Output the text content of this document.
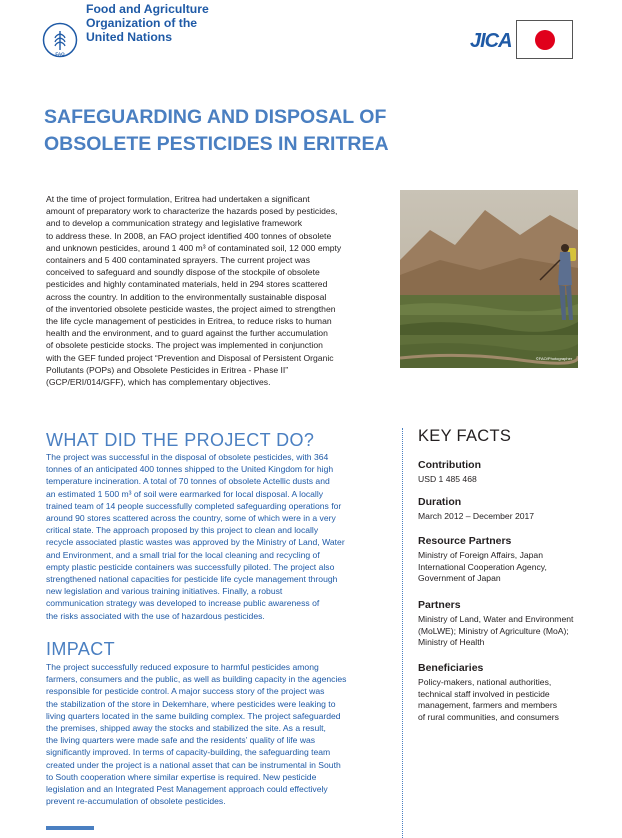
FAO
Food and Agriculture
Organization of the
United Nations	JICA
SAFEGUARDING AND DISPOSAL OF
OBSOLETE PESTICIDES IN ERITREA
At the time of project formulation, Eritrea had undertaken a significant
amount of preparatory work to characterize the hazards posed by pesticides,
and to develop a communication strategy and legislative framework
to address these. In 2008, an FAO project identified 400 tonnes of obsolete
and unknown pesticides, around 1 400 m³ of contaminated soil, 12 000 empty
containers and 5 400 contaminated sprayers. The current project was
conceived to safeguard and soundly dispose of the stockpile of obsolete
pesticides and highly contaminated materials, held in 294 stores scattered
across the country. In addition to the environmentally sustainable disposal
of the inventoried obsolete pesticide wastes, the project aimed to strengthen
the life cycle management of pesticides in Eritrea, to reduce risks to human
health and the environment, and to guard against the further accumulation
of obsolete pesticide stocks. The project was implemented in conjunction
with the GEF funded project “Prevention and Disposal of Persistent Organic
Pollutants (POPs) and Obsolete Pesticides in Eritrea - Phase II”
(GCP/ERI/014/GFF), which has complementary objectives.
©FAO/Photographer
WHAT DID THE PROJECT DO?
The project was successful in the disposal of obsolete pesticides, with 364
tonnes of an anticipated 400 tonnes shipped to the United Kingdom for high
temperature incineration. A total of 70 tonnes of obsolete Actellic dusts and
an estimated 1 500 m³ of soil were earmarked for local disposal. A locally
trained team of 14 people successfully completed safeguarding operations for
around 90 stores scattered across the country, some of which were in a very
critical state. The approach proposed by this project to clean and locally
recycle associated plastic wastes was approved by the Ministry of Land, Water
and Environment, and a small trial for the local cleaning and recycling of
empty plastic pesticide containers was successfully piloted. The project also
strengthened national capacities for pesticide life cycle management through
new legislation and various training initiatives. Finally, a robust
communication strategy was developed to increase public awareness of
the risks associated with the use of hazardous pesticides.
IMPACT
The project successfully reduced exposure to harmful pesticides among
farmers, consumers and the public, as well as building capacity in the agencies
responsible for pesticide control. A major success story of the project was
the stabilization of the store in Dekemhare, where pesticides were leaking to
living quarters located in the same building complex. The project safeguarded
the premises, shipped away the stocks and stabilized the site. As a result,
the living quarters were made safe and the residents’ quality of life was
significantly improved. In terms of capacity-building, the safeguarding team
created under the project is a national asset that can be instrumental in South
to South cooperation where similar expertise is required. New pesticide
legislation and an Integrated Pest Management approach could effectively
prevent re-accumulation of obsolete pesticides.
KEY FACTS
Contribution
USD 1 485 468
Duration
March 2012 – December 2017
Resource Partners
Ministry of Foreign Affairs, Japan
International Cooperation Agency,
Government of Japan
Partners
Ministry of Land, Water and Environment
(MoLWE); Ministry of Agriculture (MoA);
Ministry of Health
Beneficiaries
Policy-makers, national authorities,
technical staff involved in pesticide
management, farmers and members
of rural communities, and consumers
